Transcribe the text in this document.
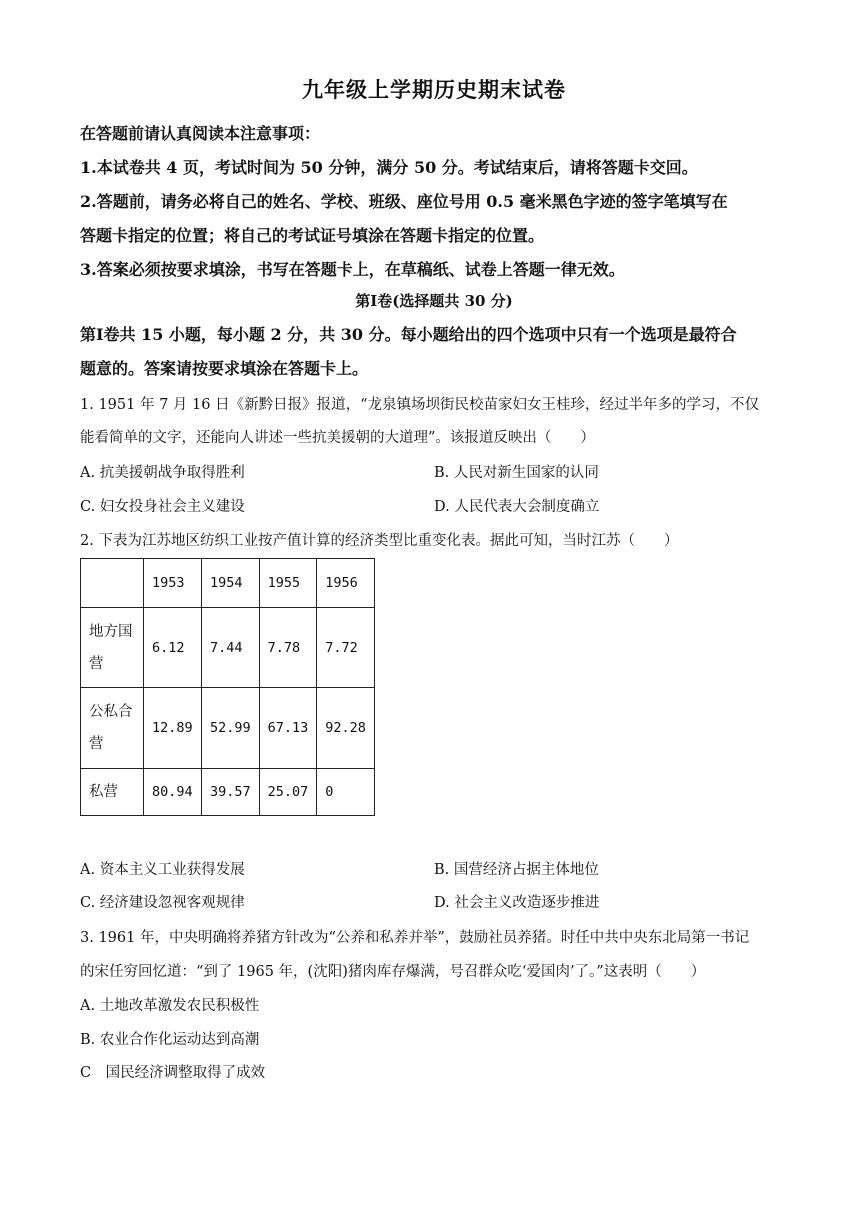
九年级上学期历史期末试卷
在答题前请认真阅读本注意事项：
1.本试卷共 4 页，考试时间为 50 分钟，满分 50 分。考试结束后，请将答题卡交回。
2.答题前，请务必将自己的姓名、学校、班级、座位号用 0.5 毫米黑色字迹的签字笔填写在
答题卡指定的位置；将自己的考试证号填涂在答题卡指定的位置。
3.答案必须按要求填涂，书写在答题卡上，在草稿纸、试卷上答题一律无效。
第Ⅰ卷(选择题共 30 分)
第Ⅰ卷共 15 小题，每小题 2 分，共 30 分。每小题给出的四个选项中只有一个选项是最符合
题意的。答案请按要求填涂在答题卡上。
1. 1951 年 7 月 16 日《新黔日报》报道，“龙泉镇场坝街民校苗家妇女王桂珍，经过半年多的学习，不仅
能看简单的文字，还能向人讲述一些抗美援朝的大道理”。该报道反映出（　　）
A. 抗美援朝战争取得胜利	B. 人民对新生国家的认同
C. 妇女投身社会主义建设	D. 人民代表大会制度确立
2. 下表为江苏地区纺织工业按产值计算的经济类型比重变化表。据此可知，当时江苏（　　）
	1953	1954	1955	1956

地方国
营	6.12	7.44	7.78	7.72

公私合
营	12.89	52.99	67.13	92.28

私营	80.94	39.57	25.07	0
A. 资本主义工业获得发展	B. 国营经济占据主体地位
C. 经济建设忽视客观规律	D. 社会主义改造逐步推进
3. 1961 年，中央明确将养猪方针改为“公养和私养并举”，鼓励社员养猪。时任中共中央东北局第一书记
的宋任穷回忆道：“到了 1965 年，(沈阳)猪肉库存爆满，号召群众吃‘爱国肉’了。”这表明（　　）
A. 土地改革激发农民积极性
B. 农业合作化运动达到高潮
C　国民经济调整取得了成效
